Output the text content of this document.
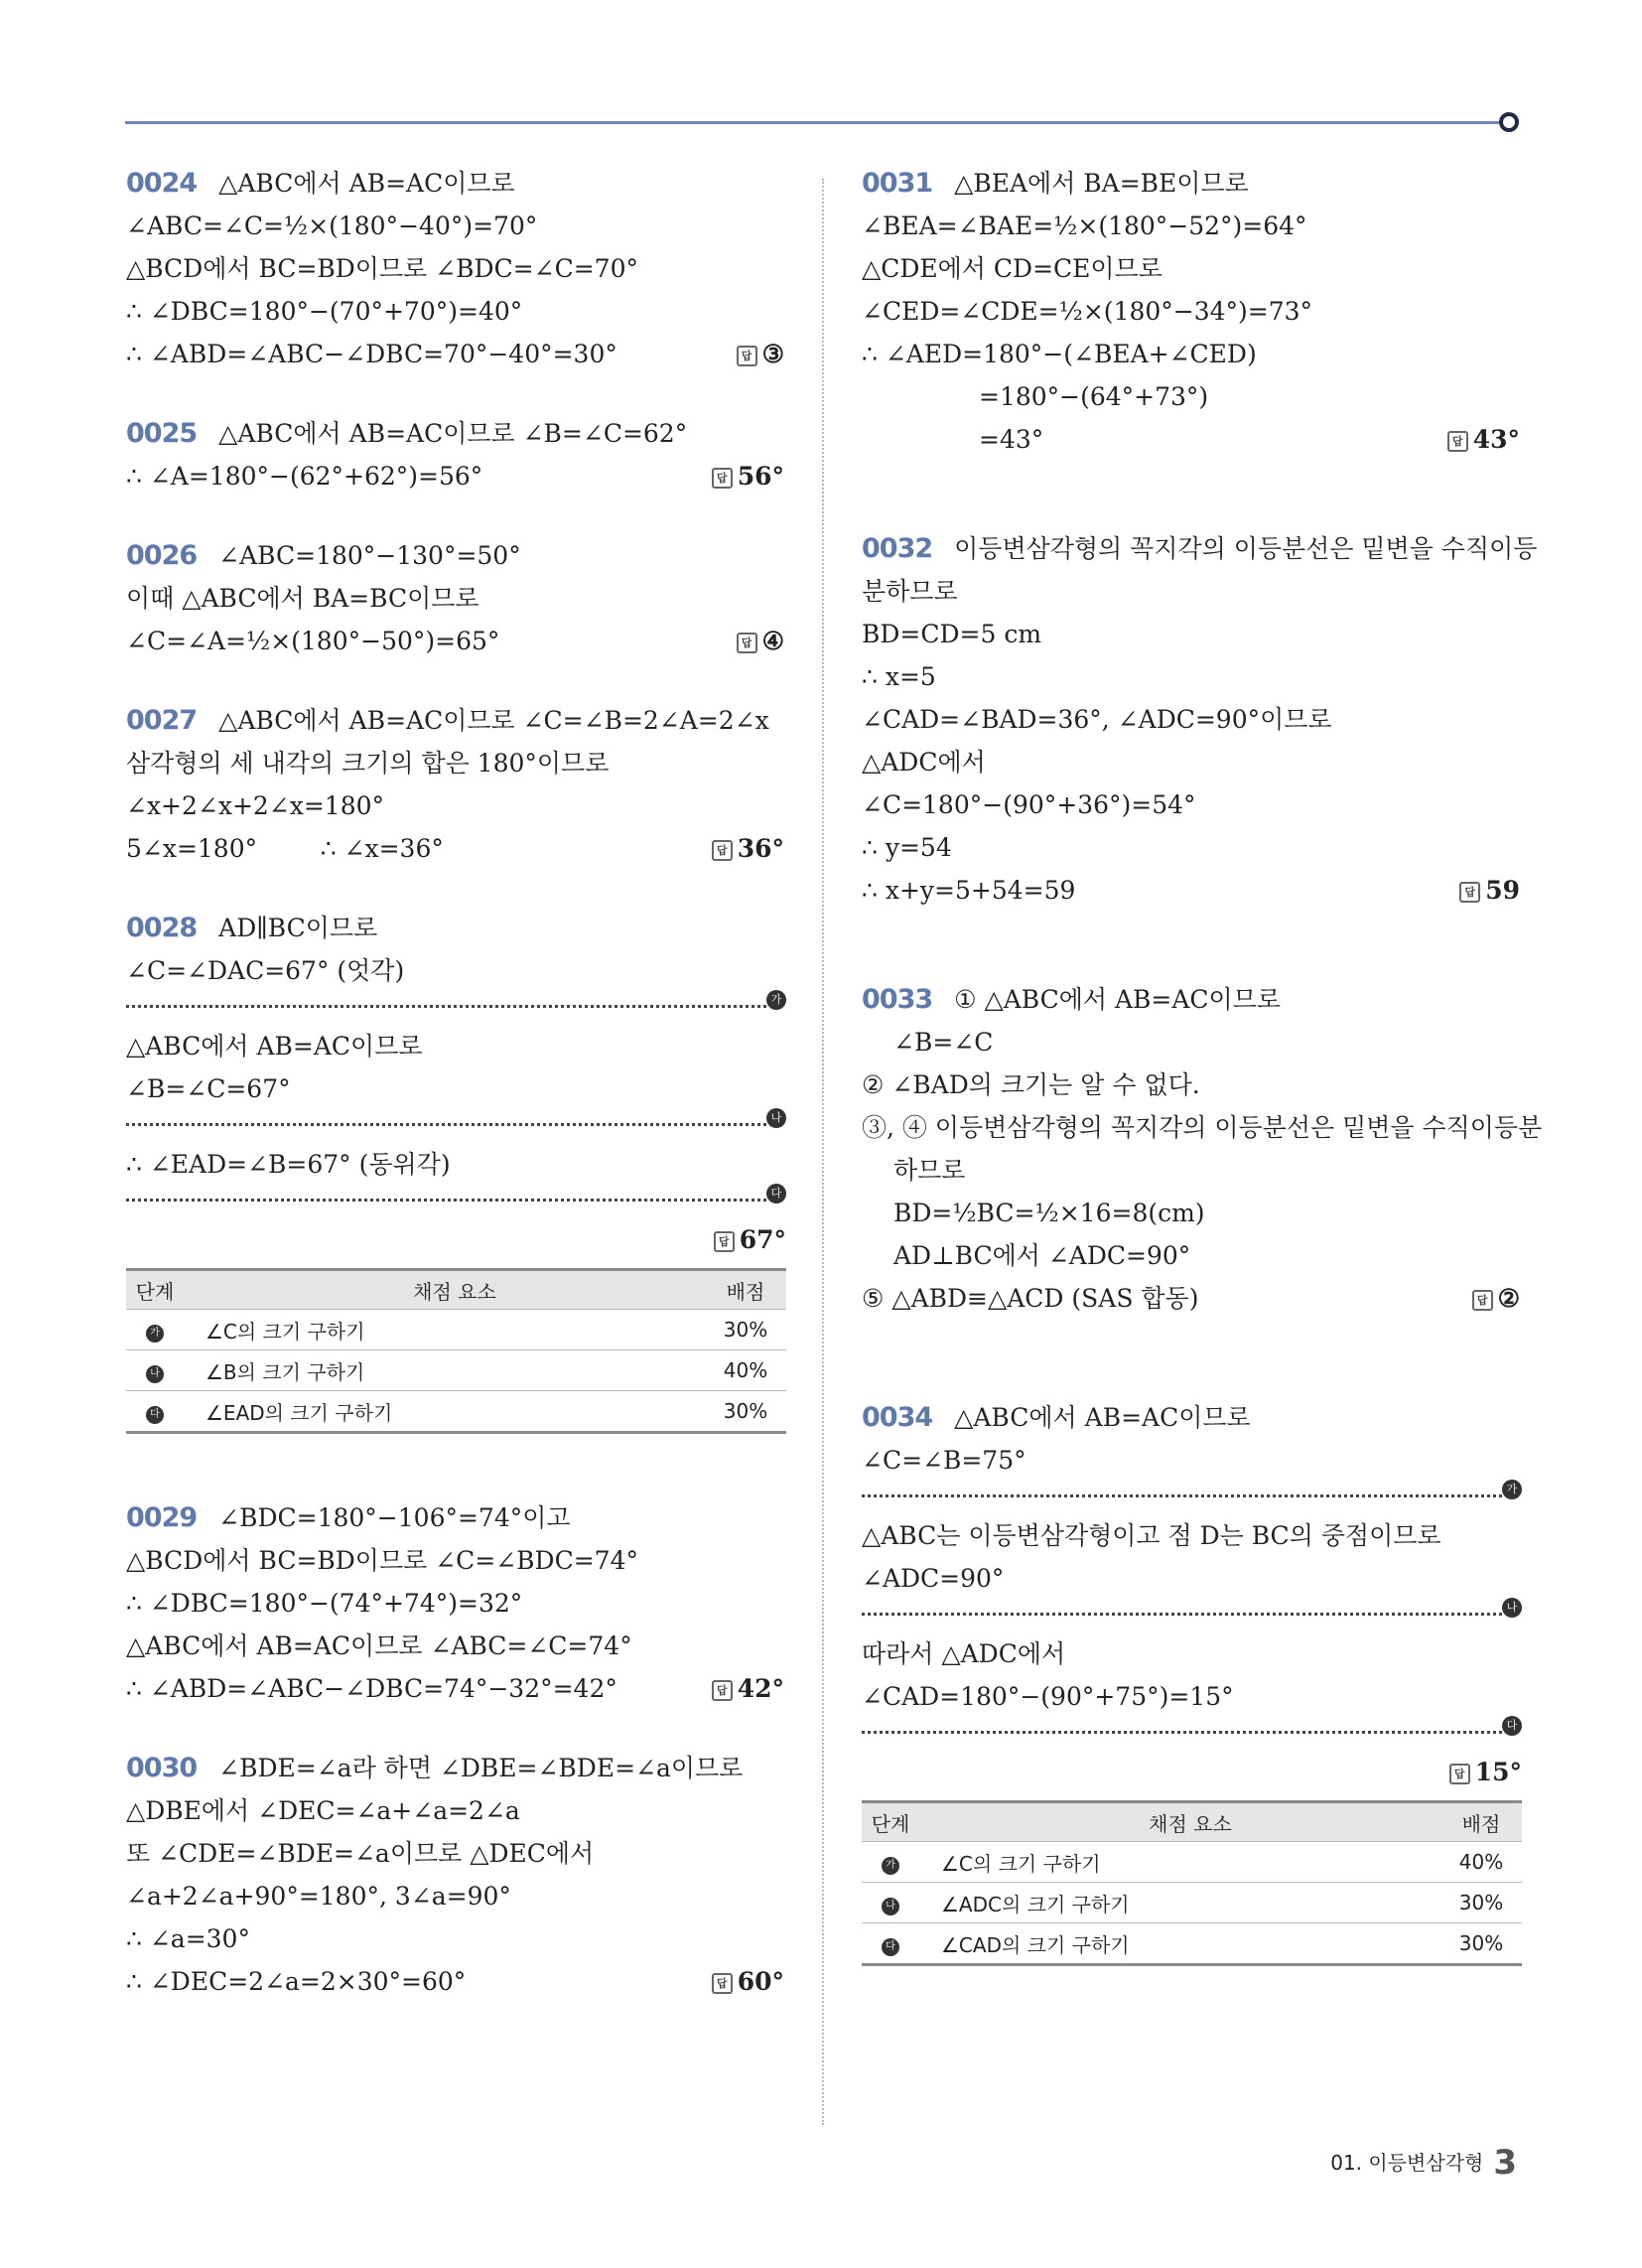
0024 △ABC에서 AB=AC이므로
∠ABC=∠C=½×(180°−40°)=70°
△BCD에서 BC=BD이므로 ∠BDC=∠C=70°
∴ ∠DBC=180°−(70°+70°)=40°
∴ ∠ABD=∠ABC−∠DBC=70°−40°=30°	답 ③
0025 △ABC에서 AB=AC이므로 ∠B=∠C=62°
∴ ∠A=180°−(62°+62°)=56°	답 56°
0026 ∠ABC=180°−130°=50°
이때 △ABC에서 BA=BC이므로
∠C=∠A=½×(180°−50°)=65°	답 ④
0027 △ABC에서 AB=AC이므로 ∠C=∠B=2∠A=2∠x
삼각형의 세 내각의 크기의 합은 180°이므로
∠x+2∠x+2∠x=180°
5∠x=180°        ∴ ∠x=36°	답 36°
0028 AD∥BC이므로
∠C=∠DAC=67° (엇각)
가
△ABC에서 AB=AC이므로
∠B=∠C=67°
나
∴ ∠EAD=∠B=67° (동위각)
다
답 67°
단계	채점 요소	배점
가	∠C의 크기 구하기	30%
나	∠B의 크기 구하기	40%
다	∠EAD의 크기 구하기	30%
0029 ∠BDC=180°−106°=74°이고
△BCD에서 BC=BD이므로 ∠C=∠BDC=74°
∴ ∠DBC=180°−(74°+74°)=32°
△ABC에서 AB=AC이므로 ∠ABC=∠C=74°
∴ ∠ABD=∠ABC−∠DBC=74°−32°=42°	답 42°
0030 ∠BDE=∠a라 하면 ∠DBE=∠BDE=∠a이므로
△DBE에서 ∠DEC=∠a+∠a=2∠a
또 ∠CDE=∠BDE=∠a이므로 △DEC에서
∠a+2∠a+90°=180°, 3∠a=90°
∴ ∠a=30°
∴ ∠DEC=2∠a=2×30°=60°	답 60°
0031 △BEA에서 BA=BE이므로
∠BEA=∠BAE=½×(180°−52°)=64°
△CDE에서 CD=CE이므로
∠CED=∠CDE=½×(180°−34°)=73°
∴ ∠AED=180°−(∠BEA+∠CED)
=180°−(64°+73°)
=43°	답 43°
0032 이등변삼각형의 꼭지각의 이등분선은 밑변을 수직이등
분하므로
BD=CD=5 cm
∴ x=5
∠CAD=∠BAD=36°, ∠ADC=90°이므로
△ADC에서
∠C=180°−(90°+36°)=54°
∴ y=54
∴ x+y=5+54=59	답 59
0033 ① △ABC에서 AB=AC이므로
∠B=∠C
② ∠BAD의 크기는 알 수 없다.
③, ④ 이등변삼각형의 꼭지각의 이등분선은 밑변을 수직이등분
하므로
BD=½BC=½×16=8(cm)
AD⊥BC에서 ∠ADC=90°
⑤ △ABD≡△ACD (SAS 합동)	답 ②
0034 △ABC에서 AB=AC이므로
∠C=∠B=75°
가
△ABC는 이등변삼각형이고 점 D는 BC의 중점이므로
∠ADC=90°
나
따라서 △ADC에서
∠CAD=180°−(90°+75°)=15°
다
답 15°
단계	채점 요소	배점
가	∠C의 크기 구하기	40%
나	∠ADC의 크기 구하기	30%
다	∠CAD의 크기 구하기	30%
01. 이등변삼각형 3
